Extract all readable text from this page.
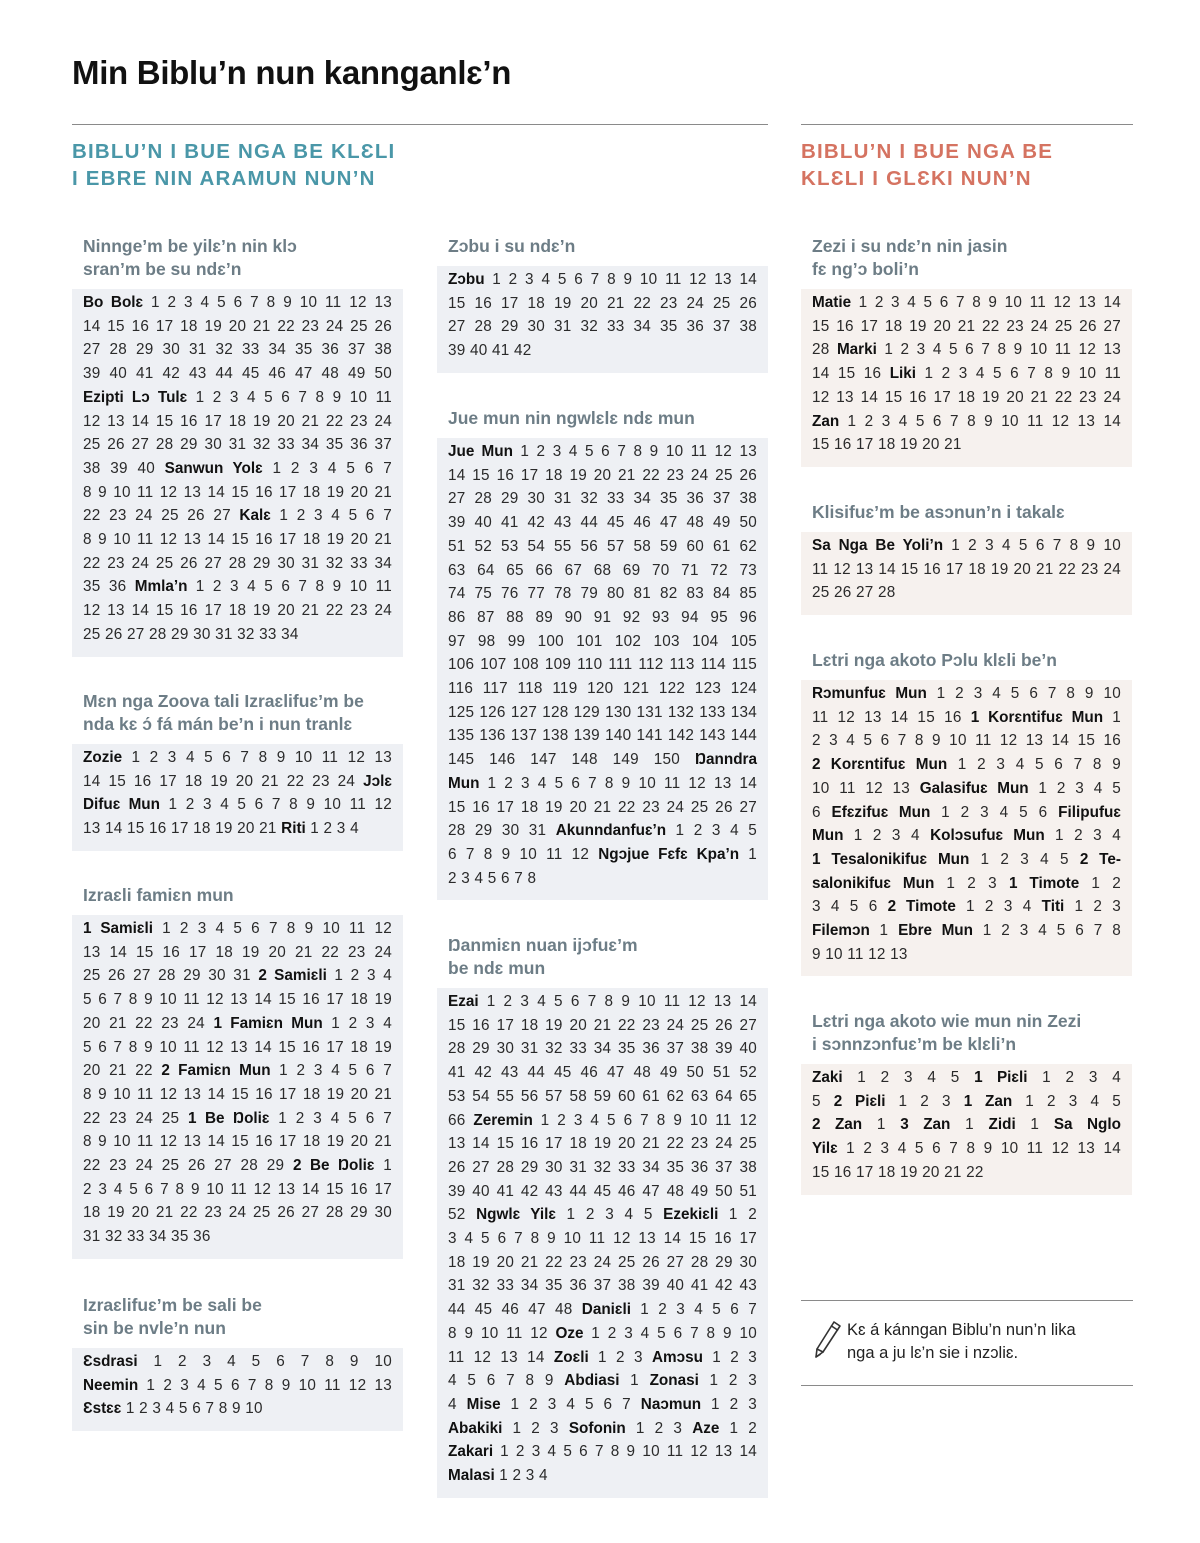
Min Biblu’n nun kannganlɛ’n
BIBLU’N I BUE NGA BE KLƐLI
I EBRE NIN ARAMUN NUN’N
BIBLU’N I BUE NGA BE
KLƐLI I GLƐKI NUN’N
Ninnge’m be yilɛ’n nin klɔ
sran’m be su ndɛ’n
Bo Bolɛ 1 2 3 4 5 6 7 8 9 10 11 12 13
14 15 16 17 18 19 20 21 22 23 24 25 26
27 28 29 30 31 32 33 34 35 36 37 38
39 40 41 42 43 44 45 46 47 48 49 50
Ezipti Lɔ Tulɛ 1 2 3 4 5 6 7 8 9 10 11
12 13 14 15 16 17 18 19 20 21 22 23 24
25 26 27 28 29 30 31 32 33 34 35 36 37
38 39 40 Sanwun Yolɛ 1 2 3 4 5 6 7
8 9 10 11 12 13 14 15 16 17 18 19 20 21
22 23 24 25 26 27 Kalɛ 1 2 3 4 5 6 7
8 9 10 11 12 13 14 15 16 17 18 19 20 21
22 23 24 25 26 27 28 29 30 31 32 33 34
35 36 Mmla’n 1 2 3 4 5 6 7 8 9 10 11
12 13 14 15 16 17 18 19 20 21 22 23 24
25 26 27 28 29 30 31 32 33 34
Mɛn nga Zoova tali Izraɛlifuɛ’m be
nda kɛ ɔ́ fá mán be’n i nun tranlɛ
Zozie 1 2 3 4 5 6 7 8 9 10 11 12 13
14 15 16 17 18 19 20 21 22 23 24 Jɔlɛ
Difuɛ Mun 1 2 3 4 5 6 7 8 9 10 11 12
13 14 15 16 17 18 19 20 21 Riti 1 2 3 4
Izraɛli famiɛn mun
1 Samiɛli 1 2 3 4 5 6 7 8 9 10 11 12
13 14 15 16 17 18 19 20 21 22 23 24
25 26 27 28 29 30 31 2 Samiɛli 1 2 3 4
5 6 7 8 9 10 11 12 13 14 15 16 17 18 19
20 21 22 23 24 1 Famiɛn Mun 1 2 3 4
5 6 7 8 9 10 11 12 13 14 15 16 17 18 19
20 21 22 2 Famiɛn Mun 1 2 3 4 5 6 7
8 9 10 11 12 13 14 15 16 17 18 19 20 21
22 23 24 25 1 Be Ŋoliɛ 1 2 3 4 5 6 7
8 9 10 11 12 13 14 15 16 17 18 19 20 21
22 23 24 25 26 27 28 29 2 Be Ŋoliɛ 1
2 3 4 5 6 7 8 9 10 11 12 13 14 15 16 17
18 19 20 21 22 23 24 25 26 27 28 29 30
31 32 33 34 35 36
Izraɛlifuɛ’m be sali be
sin be nvle’n nun
Ɛsdrasi 1 2 3 4 5 6 7 8 9 10
Neemin 1 2 3 4 5 6 7 8 9 10 11 12 13
Ɛstɛɛ 1 2 3 4 5 6 7 8 9 10
Zɔbu i su ndɛ’n
Zɔbu 1 2 3 4 5 6 7 8 9 10 11 12 13 14
15 16 17 18 19 20 21 22 23 24 25 26
27 28 29 30 31 32 33 34 35 36 37 38
39 40 41 42
Jue mun nin ngwlɛlɛ ndɛ mun
Jue Mun 1 2 3 4 5 6 7 8 9 10 11 12 13
14 15 16 17 18 19 20 21 22 23 24 25 26
27 28 29 30 31 32 33 34 35 36 37 38
39 40 41 42 43 44 45 46 47 48 49 50
51 52 53 54 55 56 57 58 59 60 61 62
63 64 65 66 67 68 69 70 71 72 73
74 75 76 77 78 79 80 81 82 83 84 85
86 87 88 89 90 91 92 93 94 95 96
97 98 99 100 101 102 103 104 105
106 107 108 109 110 111 112 113 114 115
116 117 118 119 120 121 122 123 124
125 126 127 128 129 130 131 132 133 134
135 136 137 138 139 140 141 142 143 144
145 146 147 148 149 150 Ŋanndra
Mun 1 2 3 4 5 6 7 8 9 10 11 12 13 14
15 16 17 18 19 20 21 22 23 24 25 26 27
28 29 30 31 Akunndanfuɛ’n 1 2 3 4 5
6 7 8 9 10 11 12 Ngɔjue Fɛfɛ Kpa’n 1
2 3 4 5 6 7 8
Ŋanmiɛn nuan ijɔfuɛ’m
be ndɛ mun
Ezai 1 2 3 4 5 6 7 8 9 10 11 12 13 14
15 16 17 18 19 20 21 22 23 24 25 26 27
28 29 30 31 32 33 34 35 36 37 38 39 40
41 42 43 44 45 46 47 48 49 50 51 52
53 54 55 56 57 58 59 60 61 62 63 64 65
66 Zeremin 1 2 3 4 5 6 7 8 9 10 11 12
13 14 15 16 17 18 19 20 21 22 23 24 25
26 27 28 29 30 31 32 33 34 35 36 37 38
39 40 41 42 43 44 45 46 47 48 49 50 51
52 Ngwlɛ Yilɛ 1 2 3 4 5 Ezekiɛli 1 2
3 4 5 6 7 8 9 10 11 12 13 14 15 16 17
18 19 20 21 22 23 24 25 26 27 28 29 30
31 32 33 34 35 36 37 38 39 40 41 42 43
44 45 46 47 48 Daniɛli 1 2 3 4 5 6 7
8 9 10 11 12 Oze 1 2 3 4 5 6 7 8 9 10
11 12 13 14 Zoɛli 1 2 3 Amɔsu 1 2 3
4 5 6 7 8 9 Abdiasi 1 Zonasi 1 2 3
4 Mise 1 2 3 4 5 6 7 Naɔmun 1 2 3
Abakiki 1 2 3 Sofonin 1 2 3 Aze 1 2
Zakari 1 2 3 4 5 6 7 8 9 10 11 12 13 14
Malasi 1 2 3 4
Zezi i su ndɛ’n nin jasin
fɛ ng’ɔ boli’n
Matie 1 2 3 4 5 6 7 8 9 10 11 12 13 14
15 16 17 18 19 20 21 22 23 24 25 26 27
28 Marki 1 2 3 4 5 6 7 8 9 10 11 12 13
14 15 16 Liki 1 2 3 4 5 6 7 8 9 10 11
12 13 14 15 16 17 18 19 20 21 22 23 24
Zan 1 2 3 4 5 6 7 8 9 10 11 12 13 14
15 16 17 18 19 20 21
Klisifuɛ’m be asɔnun’n i takalɛ
Sa Nga Be Yoli’n 1 2 3 4 5 6 7 8 9 10
11 12 13 14 15 16 17 18 19 20 21 22 23 24
25 26 27 28
Lɛtri nga akoto Pɔlu klɛli be’n
Rɔmunfuɛ Mun 1 2 3 4 5 6 7 8 9 10
11 12 13 14 15 16 1 Korɛntifuɛ Mun 1
2 3 4 5 6 7 8 9 10 11 12 13 14 15 16
2 Korɛntifuɛ Mun 1 2 3 4 5 6 7 8 9
10 11 12 13 Galasifuɛ Mun 1 2 3 4 5
6 Efɛzifuɛ Mun 1 2 3 4 5 6 Filipufuɛ
Mun 1 2 3 4 Kolɔsufuɛ Mun 1 2 3 4
1 Tesalonikifuɛ Mun 1 2 3 4 5 2 Te-
salonikifuɛ Mun 1 2 3 1 Timote 1 2
3 4 5 6 2 Timote 1 2 3 4 Titi 1 2 3
Filemɔn 1 Ebre Mun 1 2 3 4 5 6 7 8
9 10 11 12 13
Lɛtri nga akoto wie mun nin Zezi
i sɔnnzɔnfuɛ’m be klɛli’n
Zaki 1 2 3 4 5 1 Piɛli 1 2 3 4
5 2 Piɛli 1 2 3 1 Zan 1 2 3 4 5
2 Zan 1 3 Zan 1 Zidi 1 Sa Nglo
Yilɛ 1 2 3 4 5 6 7 8 9 10 11 12 13 14
15 16 17 18 19 20 21 22
Kɛ á kánngan Biblu’n nun’n lika
nga a ju lɛ’n sie i nzɔliɛ.
